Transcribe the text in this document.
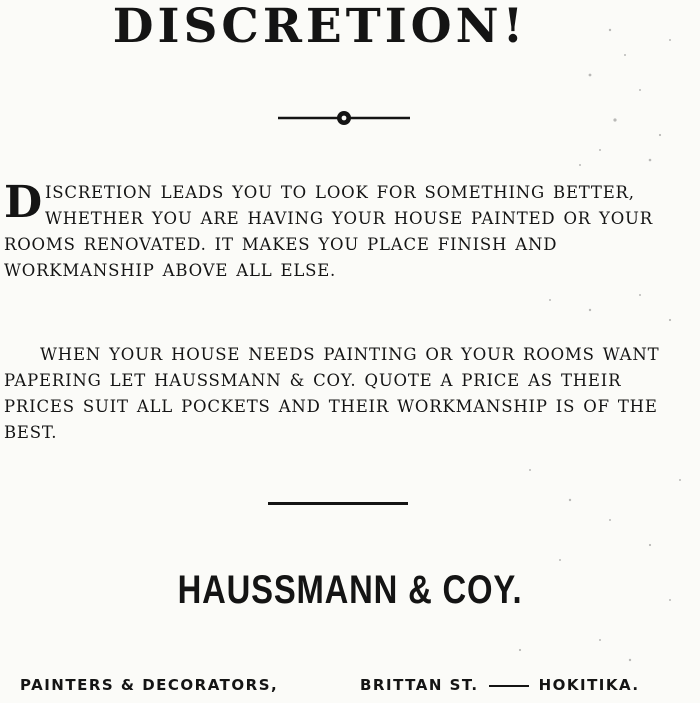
DISCRETION!
DISCRETION LEADS YOU TO LOOK FOR SOMETHING BETTER, WHETHER YOU ARE HAVING YOUR HOUSE PAINTED OR YOUR ROOMS RENOVATED. IT MAKES YOU PLACE FINISH AND WORKMANSHIP ABOVE ALL ELSE.
WHEN YOUR HOUSE NEEDS PAINTING OR YOUR ROOMS WANT PAPERING LET HAUSSMANN & COY. QUOTE A PRICE AS THEIR PRICES SUIT ALL POCKETS AND THEIR WORKMANSHIP IS OF THE BEST.
HAUSSMANN & COY.
PAINTERS & DECORATORS,	BRITTAN ST.	HOKITIKA.
